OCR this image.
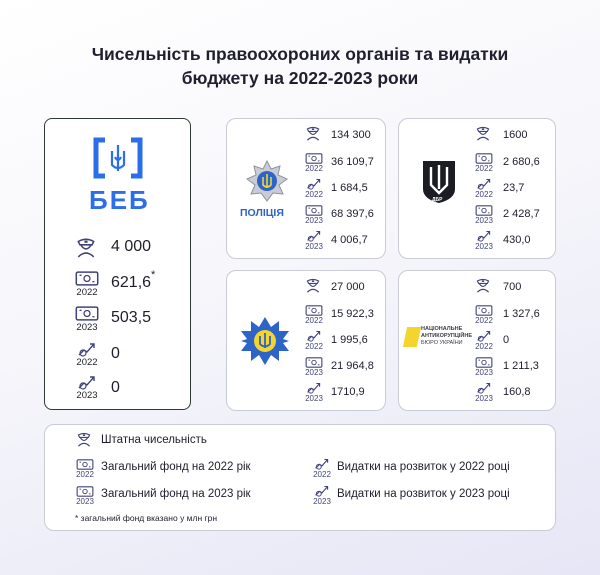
Чисельність правоохороних органів та видатки
бюджету на 2022-2023 роки
БЕБ
4 000
2022
621,6 *
2023
503,5
2022
0
2023 0
ПОЛІЦІЯ
134 300
2022
36 109,7
2022
1 684,5
2023
68 397,6
2023
4 006,7
ДБР
1600
2022
2 680,6
2022
23,7
2023
2 428,7
2023
430,0
27 000
2022
15 922,3
2022
1 995,6
2023
21 964,8
2023
1710,9
НАЦІОНАЛЬНЕ
АНТИКОРУПЦІЙНЕ
БЮРО УКРАЇНИ
700
2022
1 327,6
2022
0
2023
1 211,3
2023
160,8
Штатна чисельність
2022
Загальний фонд на 2022 рік
2023
Загальний фонд на 2023 рік
2022
Видатки на розвиток у 2022 році
2023
Видатки на розвиток у 2023 році
* загальний фонд вказано у млн грн
